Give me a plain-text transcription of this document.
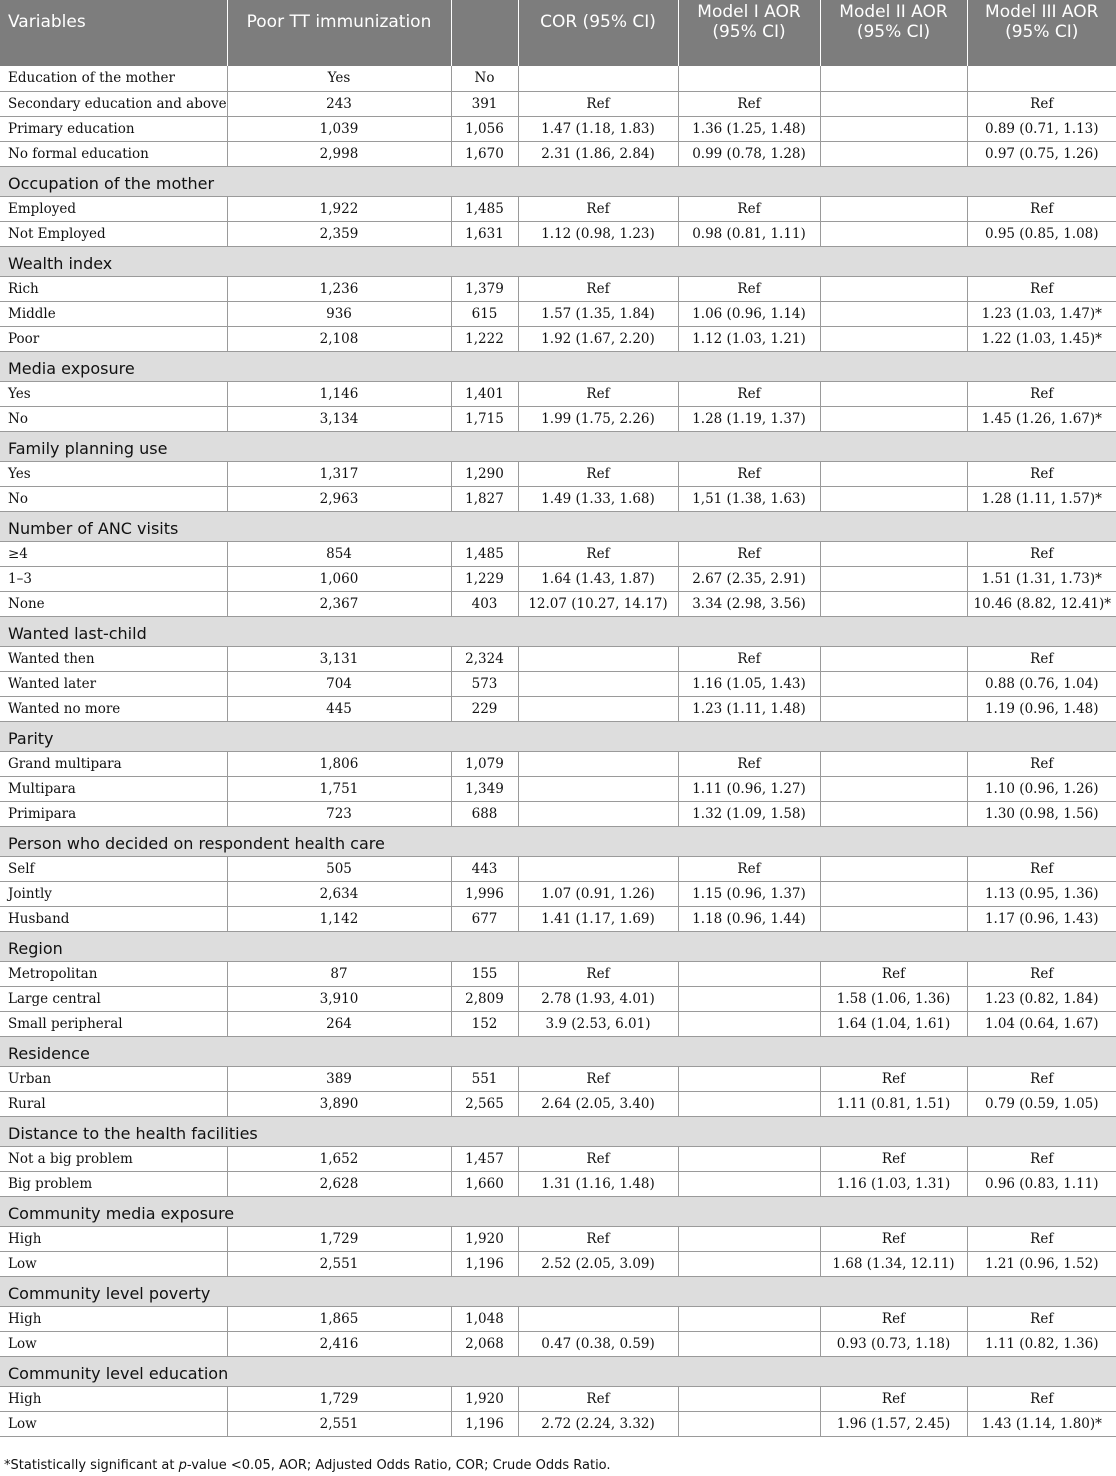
Variables	Poor TT immunization		COR (95% CI)	Model I AOR (95% CI)	Model II AOR (95% CI)	Model III AOR (95% CI)
Education of the mother	Yes	No				
Secondary education and above	243	391	Ref	Ref		Ref
Primary education	1,039	1,056	1.47 (1.18, 1.83)	1.36 (1.25, 1.48)		0.89 (0.71, 1.13)
No formal education	2,998	1,670	2.31 (1.86, 2.84)	0.99 (0.78, 1.28)		0.97 (0.75, 1.26)
Occupation of the mother						
Employed	1,922	1,485	Ref	Ref		Ref
Not Employed	2,359	1,631	1.12 (0.98, 1.23)	0.98 (0.81, 1.11)		0.95 (0.85, 1.08)
Wealth index						
Rich	1,236	1,379	Ref	Ref		Ref
Middle	936	615	1.57 (1.35, 1.84)	1.06 (0.96, 1.14)		1.23 (1.03, 1.47)*
Poor	2,108	1,222	1.92 (1.67, 2.20)	1.12 (1.03, 1.21)		1.22 (1.03, 1.45)*
Media exposure						
Yes	1,146	1,401	Ref	Ref		Ref
No	3,134	1,715	1.99 (1.75, 2.26)	1.28 (1.19, 1.37)		1.45 (1.26, 1.67)*
Family planning use						
Yes	1,317	1,290	Ref	Ref		Ref
No	2,963	1,827	1.49 (1.33, 1.68)	1,51 (1.38, 1.63)		1.28 (1.11, 1.57)*
Number of ANC visits						
≥4	854	1,485	Ref	Ref		Ref
1–3	1,060	1,229	1.64 (1.43, 1.87)	2.67 (2.35, 2.91)		1.51 (1.31, 1.73)*
None	2,367	403	12.07 (10.27, 14.17)	3.34 (2.98, 3.56)		10.46 (8.82, 12.41)*
Wanted last-child						
Wanted then	3,131	2,324		Ref		Ref
Wanted later	704	573		1.16 (1.05, 1.43)		0.88 (0.76, 1.04)
Wanted no more	445	229		1.23 (1.11, 1.48)		1.19 (0.96, 1.48)
Parity						
Grand multipara	1,806	1,079		Ref		Ref
Multipara	1,751	1,349		1.11 (0.96, 1.27)		1.10 (0.96, 1.26)
Primipara	723	688		1.32 (1.09, 1.58)		1.30 (0.98, 1.56)
Person who decided on respondent health care						
Self	505	443		Ref		Ref
Jointly	2,634	1,996	1.07 (0.91, 1.26)	1.15 (0.96, 1.37)		1.13 (0.95, 1.36)
Husband	1,142	677	1.41 (1.17, 1.69)	1.18 (0.96, 1.44)		1.17 (0.96, 1.43)
Region						
Metropolitan	87	155	Ref		Ref	Ref
Large central	3,910	2,809	2.78 (1.93, 4.01)		1.58 (1.06, 1.36)	1.23 (0.82, 1.84)
Small peripheral	264	152	3.9 (2.53, 6.01)		1.64 (1.04, 1.61)	1.04 (0.64, 1.67)
Residence						
Urban	389	551	Ref		Ref	Ref
Rural	3,890	2,565	2.64 (2.05, 3.40)		1.11 (0.81, 1.51)	0.79 (0.59, 1.05)
Distance to the health facilities						
Not a big problem	1,652	1,457	Ref		Ref	Ref
Big problem	2,628	1,660	1.31 (1.16, 1.48)		1.16 (1.03, 1.31)	0.96 (0.83, 1.11)
Community media exposure						
High	1,729	1,920	Ref		Ref	Ref
Low	2,551	1,196	2.52 (2.05, 3.09)		1.68 (1.34, 12.11)	1.21 (0.96, 1.52)
Community level poverty						
High	1,865	1,048			Ref	Ref
Low	2,416	2,068	0.47 (0.38, 0.59)		0.93 (0.73, 1.18)	1.11 (0.82, 1.36)
Community level education						
High	1,729	1,920	Ref		Ref	Ref
Low	2,551	1,196	2.72 (2.24, 3.32)		1.96 (1.57, 2.45)	1.43 (1.14, 1.80)*
*Statistically significant at p-value <0.05, AOR; Adjusted Odds Ratio, COR; Crude Odds Ratio.
